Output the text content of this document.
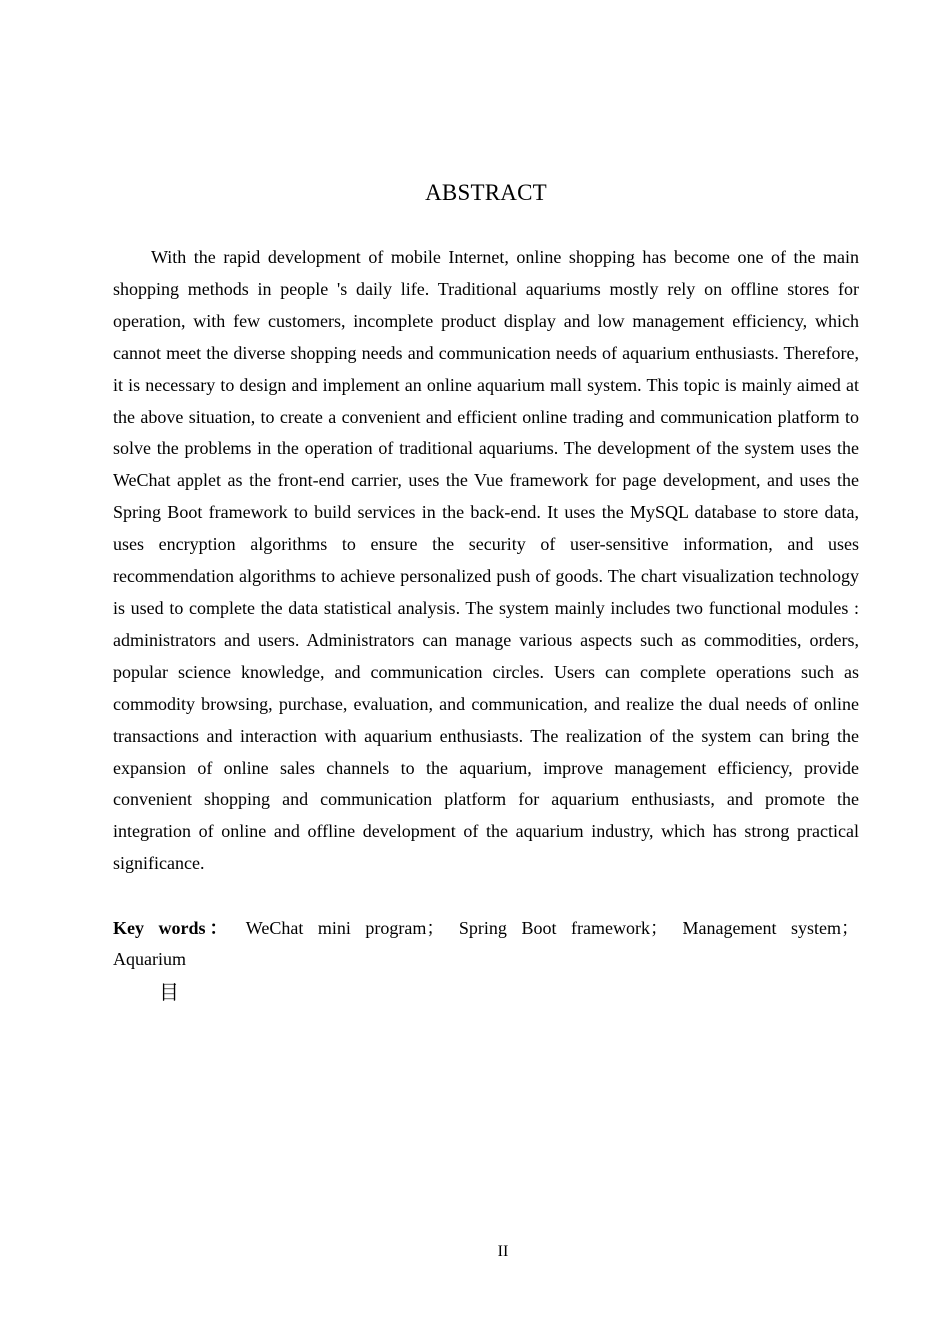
ABSTRACT

With the rapid development of mobile Internet, online shopping has become one of the main shopping methods in people 's daily life. Traditional aquariums mostly rely on offline stores for operation, with few customers, incomplete product display and low management efficiency, which cannot meet the diverse shopping needs and communication needs of aquarium enthusiasts. Therefore, it is necessary to design and implement an online aquarium mall system. This topic is mainly aimed at the above situation, to create a convenient and efficient online trading and communication platform to solve the problems in the operation of traditional aquariums. The development of the system uses the WeChat applet as the front-end carrier, uses the Vue framework for page development, and uses the Spring Boot framework to build services in the back-end. It uses the MySQL database to store data, uses encryption algorithms to ensure the security of user-sensitive information, and uses recommendation algorithms to achieve personalized push of goods. The chart visualization technology is used to complete the data statistical analysis. The system mainly includes two functional modules : administrators and users. Administrators can manage various aspects such as commodities, orders, popular science knowledge, and communication circles. Users can complete operations such as commodity browsing, purchase, evaluation, and communication, and realize the dual needs of online transactions and interaction with aquarium enthusiasts. The realization of the system can bring the expansion of online sales channels to the aquarium, improve management efficiency, provide convenient shopping and communication platform for aquarium enthusiasts, and promote the integration of online and offline development of the aquarium industry, which has strong practical significance.

Key words： WeChat mini program； Spring Boot framework； Management system； Aquarium

目
II
